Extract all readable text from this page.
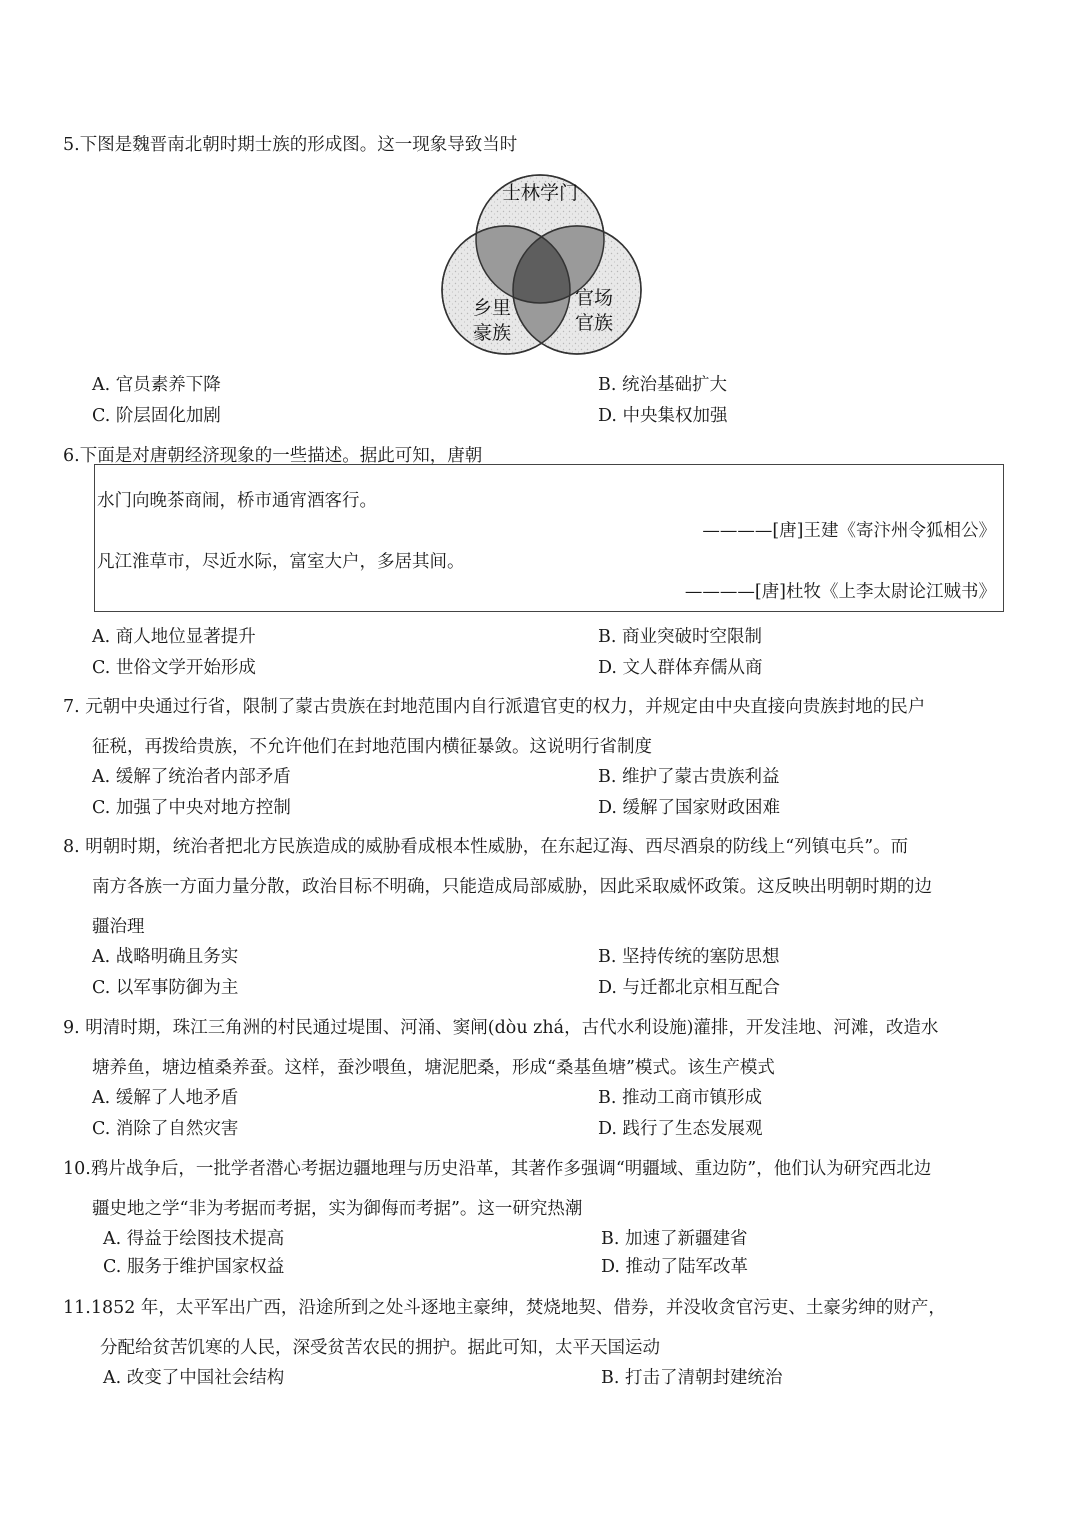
5.下图是魏晋南北朝时期士族的形成图。这一现象导致当时
士林学门
乡里
豪族
官场
官族
A. 官员素养下降	B. 统治基础扩大
C. 阶层固化加剧	D. 中央集权加强
6.下面是对唐朝经济现象的一些描述。据此可知，唐朝
水门向晚茶商闹，桥市通宵酒客行。
————[唐]王建《寄汴州令狐相公》
凡江淮草市，尽近水际，富室大户，多居其间。
————[唐]杜牧《上李太尉论江贼书》
A. 商人地位显著提升	B. 商业突破时空限制
C. 世俗文学开始形成	D. 文人群体弃儒从商
7. 元朝中央通过行省，限制了蒙古贵族在封地范围内自行派遣官吏的权力，并规定由中央直接向贵族封地的民户
征税，再拨给贵族，不允许他们在封地范围内横征暴敛。这说明行省制度
A. 缓解了统治者内部矛盾	B. 维护了蒙古贵族利益
C. 加强了中央对地方控制	D. 缓解了国家财政困难
8. 明朝时期，统治者把北方民族造成的威胁看成根本性威胁，在东起辽海、西尽酒泉的防线上“列镇屯兵”。而
南方各族一方面力量分散，政治目标不明确，只能造成局部威胁，因此采取威怀政策。这反映出明朝时期的边
疆治理
A. 战略明确且务实	B. 坚持传统的塞防思想
C. 以军事防御为主	D. 与迁都北京相互配合
9. 明清时期，珠江三角洲的村民通过堤围、河涌、窦闸(dòu zhá，古代水利设施)灌排，开发洼地、河滩，改造水
塘养鱼，塘边植桑养蚕。这样，蚕沙喂鱼，塘泥肥桑，形成“桑基鱼塘”模式。该生产模式
A. 缓解了人地矛盾	B. 推动工商市镇形成
C. 消除了自然灾害	D. 践行了生态发展观
10.鸦片战争后，一批学者潜心考据边疆地理与历史沿革，其著作多强调“明疆域、重边防”，他们认为研究西北边
疆史地之学“非为考据而考据，实为御侮而考据”。这一研究热潮
A. 得益于绘图技术提高	B. 加速了新疆建省
C. 服务于维护国家权益	D. 推动了陆军改革
11.1852 年，太平军出广西，沿途所到之处斗逐地主豪绅，焚烧地契、借券，并没收贪官污吏、土豪劣绅的财产，
分配给贫苦饥寒的人民，深受贫苦农民的拥护。据此可知，太平天国运动
A. 改变了中国社会结构	B. 打击了清朝封建统治
